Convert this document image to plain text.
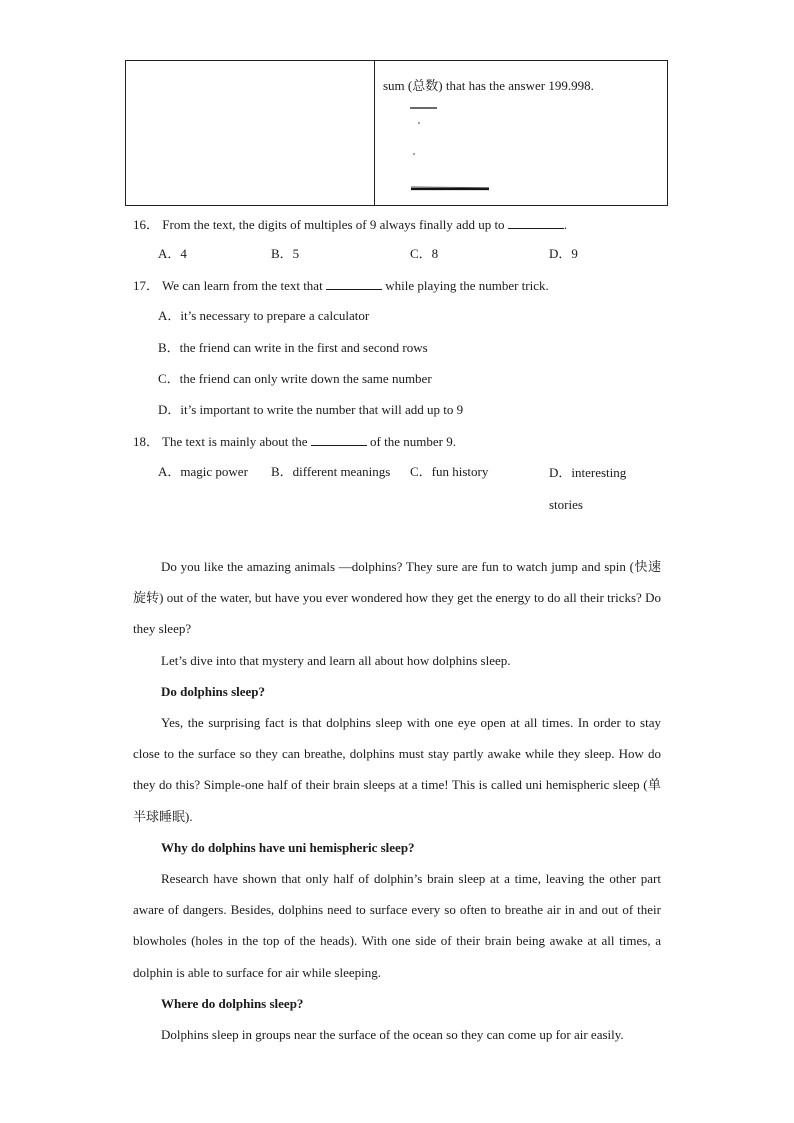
sum (总数) that has the answer 199.998.
16． From the text, the digits of multiples of 9 always finally add up to	.
A．4	B．5	C．8	D．9
17． We can learn from the text that	while playing the number trick.
A．it’s necessary to prepare a calculator
B．the friend can write in the first and second rows
C．the friend can only write down the same number
D．it’s important to write the number that will add up to 9
18． The text is mainly about the	of the number 9.
A．magic power B．different meanings C．fun history	D．interesting stories
Do you like the amazing animals —dolphins? They sure are fun to watch jump and spin (快速旋转) out of the water, but have you ever wondered how they get the energy to do all their tricks? Do they sleep?
Let’s dive into that mystery and learn all about how dolphins sleep.
Do dolphins sleep?
Yes, the surprising fact is that dolphins sleep with one eye open at all times. In order to stay close to the surface so they can breathe, dolphins must stay partly awake while they sleep. How do they do this? Simple-one half of their brain sleeps at a time! This is called uni hemispheric sleep (单半球睡眠).
Why do dolphins have uni hemispheric sleep?
Research have shown that only half of dolphin’s brain sleep at a time, leaving the other part aware of dangers. Besides, dolphins need to surface every so often to breathe air in and out of their blowholes (holes in the top of the heads). With one side of their brain being awake at all times, a dolphin is able to surface for air while sleeping.
Where do dolphins sleep?
Dolphins sleep in groups near the surface of the ocean so they can come up for air easily.
